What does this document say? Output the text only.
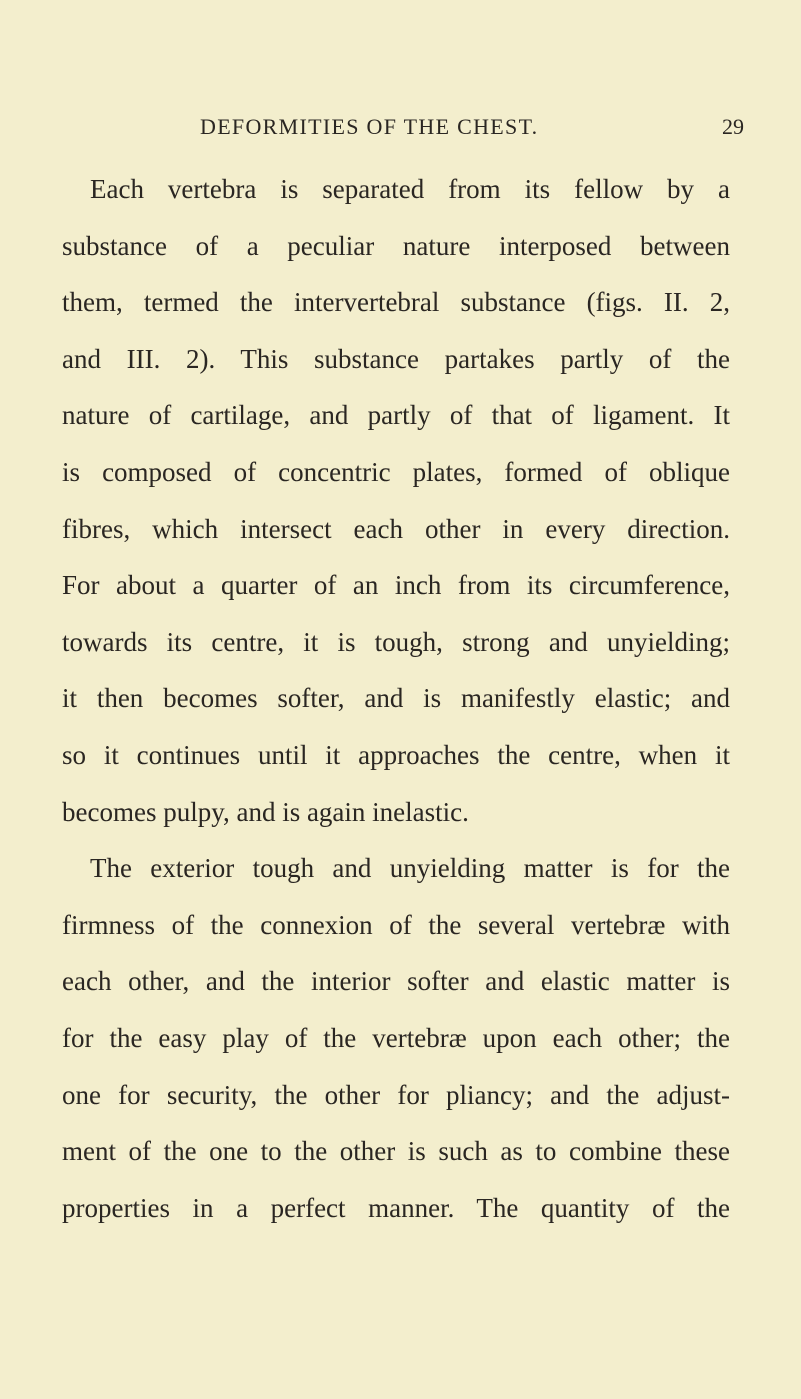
DEFORMITIES OF THE CHEST.	29
Each vertebra is separated from its fellow by a
substance of a peculiar nature interposed between
them, termed the intervertebral substance (figs. II. 2,
and III. 2). This substance partakes partly of the
nature of cartilage, and partly of that of ligament. It
is composed of concentric plates, formed of oblique
fibres, which intersect each other in every direction.
For about a quarter of an inch from its circumference,
towards its centre, it is tough, strong and unyielding;
it then becomes softer, and is manifestly elastic; and
so it continues until it approaches the centre, when it
becomes pulpy, and is again inelastic.
The exterior tough and unyielding matter is for the
firmness of the connexion of the several vertebræ with
each other, and the interior softer and elastic matter is
for the easy play of the vertebræ upon each other; the
one for security, the other for pliancy; and the adjust-
ment of the one to the other is such as to combine these
properties in a perfect manner. The quantity of the
